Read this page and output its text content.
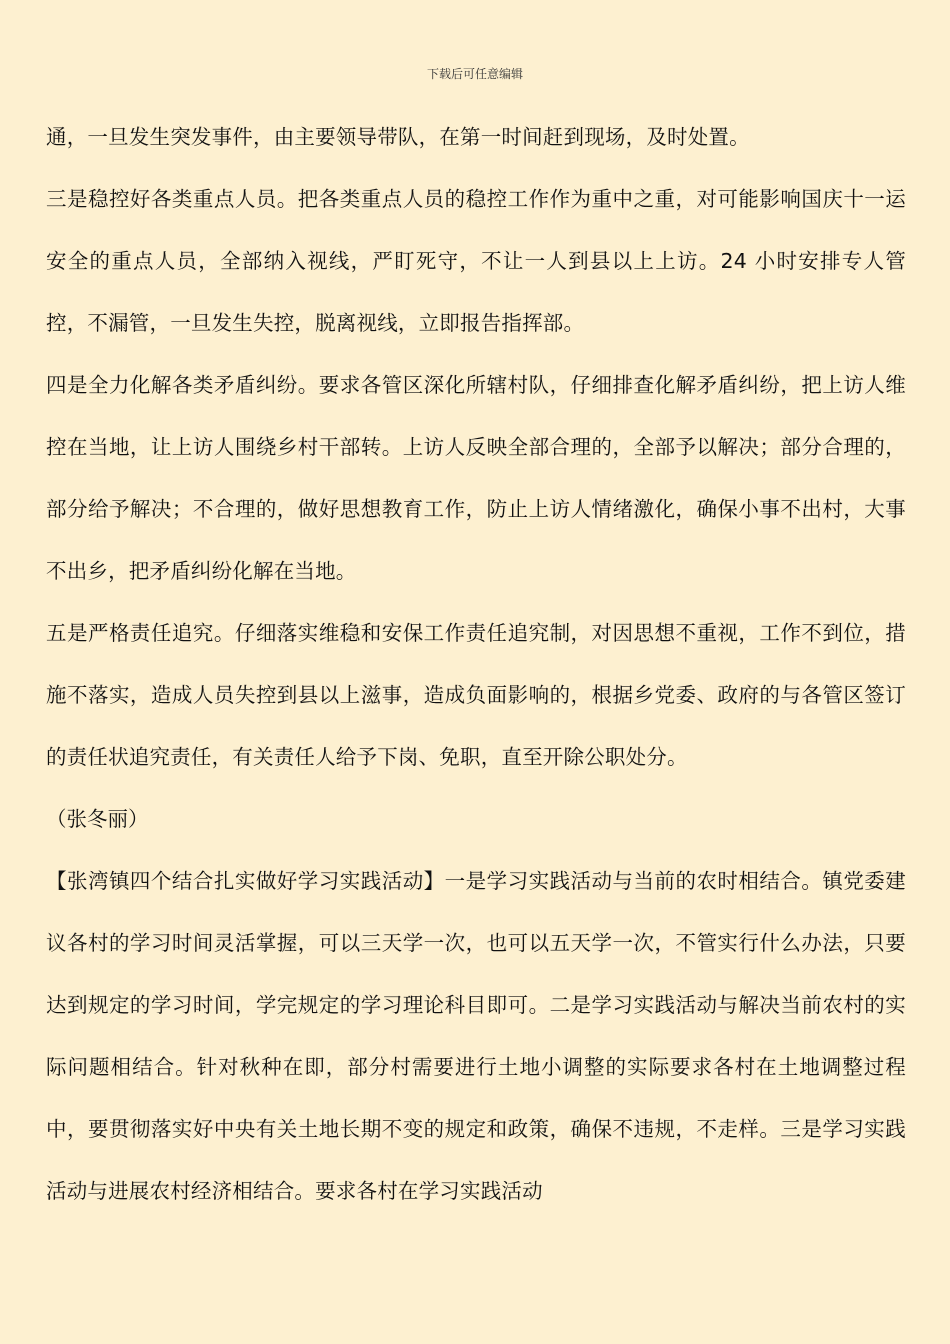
下载后可任意编辑

通，一旦发生突发事件，由主要领导带队，在第一时间赶到现场，及时处置。

三是稳控好各类重点人员。把各类重点人员的稳控工作作为重中之重，对可能影响国庆十一运安全的重点人员，全部纳入视线，严盯死守，不让一人到县以上上访。24 小时安排专人管控，不漏管，一旦发生失控，脱离视线，立即报告指挥部。

四是全力化解各类矛盾纠纷。要求各管区深化所辖村队，仔细排查化解矛盾纠纷，把上访人维控在当地，让上访人围绕乡村干部转。上访人反映全部合理的，全部予以解决；部分合理的，部分给予解决；不合理的，做好思想教育工作，防止上访人情绪激化，确保小事不出村，大事不出乡，把矛盾纠纷化解在当地。

五是严格责任追究。仔细落实维稳和安保工作责任追究制，对因思想不重视，工作不到位，措施不落实，造成人员失控到县以上滋事，造成负面影响的，根据乡党委、政府的与各管区签订的责任状追究责任，有关责任人给予下岗、免职，直至开除公职处分。

（张冬丽）

【张湾镇四个结合扎实做好学习实践活动】一是学习实践活动与当前的农时相结合。镇党委建议各村的学习时间灵活掌握，可以三天学一次，也可以五天学一次，不管实行什么办法，只要达到规定的学习时间，学完规定的学习理论科目即可。二是学习实践活动与解决当前农村的实际问题相结合。针对秋种在即，部分村需要进行土地小调整的实际要求各村在土地调整过程中，要贯彻落实好中央有关土地长期不变的规定和政策，确保不违规，不走样。三是学习实践活动与进展农村经济相结合。要求各村在学习实践活动
